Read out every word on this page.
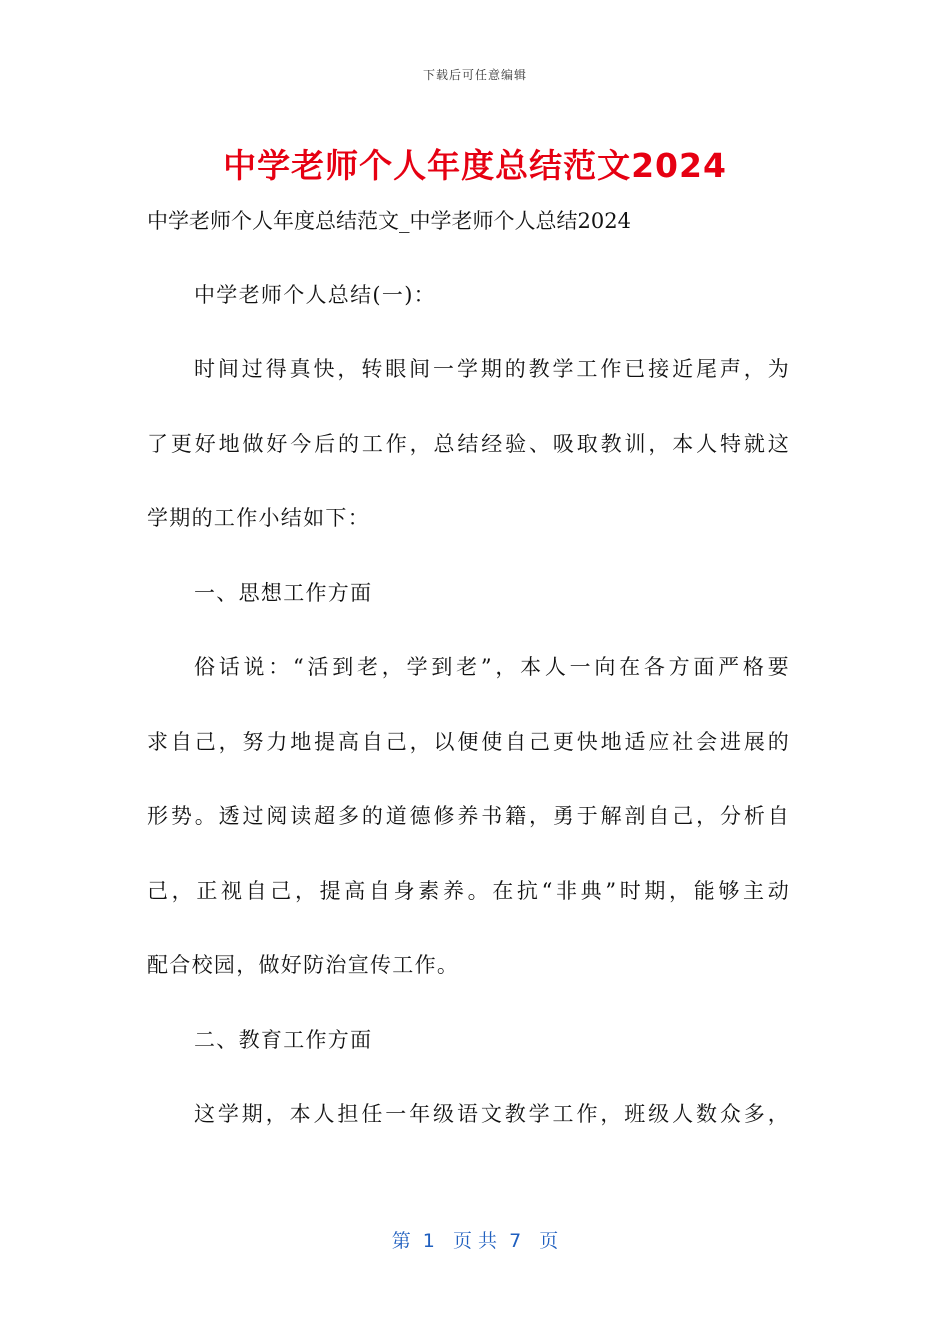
下载后可任意编辑
中学老师个人年度总结范文2024
中学老师个人年度总结范文_中学老师个人总结2024
中学老师个人总结(一)：
时间过得真快，转眼间一学期的教学工作已接近尾声，为
了更好地做好今后的工作，总结经验、吸取教训，本人特就这
学期的工作小结如下：
一、思想工作方面
俗话说：“活到老，学到老”，本人一向在各方面严格要
求自己，努力地提高自己，以便使自己更快地适应社会进展的
形势。透过阅读超多的道德修养书籍，勇于解剖自己，分析自
己，正视自己，提高自身素养。在抗“非典”时期，能够主动
配合校园，做好防治宣传工作。
二、教育工作方面
这学期，本人担任一年级语文教学工作，班级人数众多，
第  1   页 共  7   页
